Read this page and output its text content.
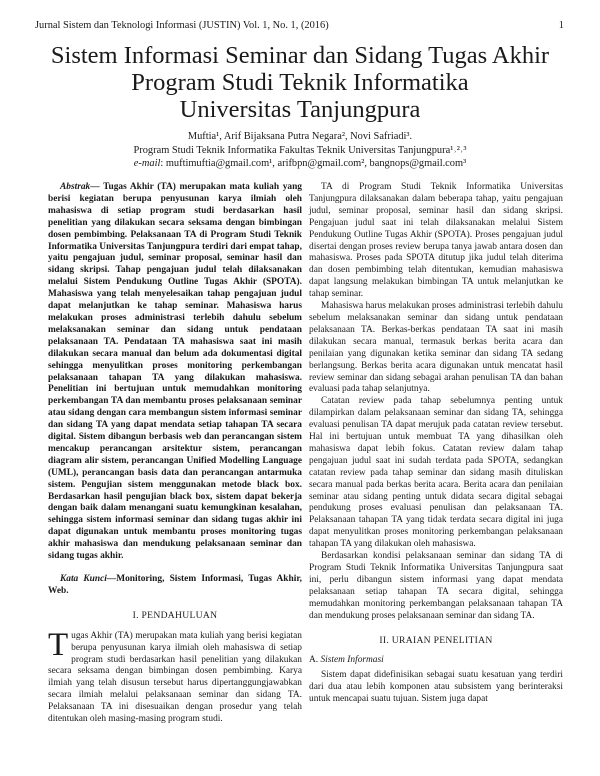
Jurnal Sistem dan Teknologi Informasi (JUSTIN) Vol. 1, No. 1, (2016)	1
Sistem Informasi Seminar dan Sidang Tugas Akhir
Program Studi Teknik Informatika
Universitas Tanjungpura
Muftia¹, Arif Bijaksana Putra Negara², Novi Safriadi³.
Program Studi Teknik Informatika Fakultas Teknik Universitas Tanjungpura¹˒²˒³
e-mail: muftimuftia@gmail.com¹, arifbpn@gmail.com², bangnops@gmail.com³

Abstrak— Tugas Akhir (TA) merupakan mata kuliah yang berisi kegiatan berupa penyusunan karya ilmiah oleh mahasiswa di setiap program studi berdasarkan hasil penelitian yang dilakukan secara seksama dengan bimbingan dosen pembimbing. Pelaksanaan TA di Program Studi Teknik Informatika Universitas Tanjungpura terdiri dari empat tahap, yaitu pengajuan judul, seminar proposal, seminar hasil dan sidang skripsi. Tahap pengajuan judul telah dilaksanakan melalui Sistem Pendukung Outline Tugas Akhir (SPOTA). Mahasiswa yang telah menyelesaikan tahap pengajuan judul dapat melanjutkan ke tahap seminar. Mahasiswa harus melakukan proses administrasi terlebih dahulu sebelum melaksanakan seminar dan sidang untuk pendataan pelaksanaan TA. Pendataan TA mahasiswa saat ini masih dilakukan secara manual dan belum ada dokumentasi digital sehingga menyulitkan proses monitoring perkembangan pelaksanaan tahapan TA yang dilakukan mahasiswa. Penelitian ini bertujuan untuk memudahkan monitoring perkembangan TA dan membantu proses pelaksanaan seminar atau sidang dengan cara membangun sistem informasi seminar dan sidang TA yang dapat mendata setiap tahapan TA secara digital. Sistem dibangun berbasis web dan perancangan sistem mencakup perancangan arsitektur sistem, perancangan diagram alir sistem, perancangan Unified Modelling Language (UML), perancangan basis data dan perancangan antarmuka sistem. Pengujian sistem menggunakan metode black box. Berdasarkan hasil pengujian black box, sistem dapat bekerja dengan baik dalam menangani suatu kemungkinan kesalahan, sehingga sistem informasi seminar dan sidang tugas akhir ini dapat digunakan untuk membantu proses monitoring tugas akhir mahasiswa dan mendukung pelaksanaan seminar dan sidang tugas akhir.

Kata Kunci—Monitoring, Sistem Informasi, Tugas Akhir, Web.

I. PENDAHULUAN

Tugas Akhir (TA) merupakan mata kuliah yang berisi kegiatan berupa penyusunan karya ilmiah oleh mahasiswa di setiap program studi berdasarkan hasil penelitian yang dilakukan secara seksama dengan bimbingan dosen pembimbing. Karya ilmiah yang telah disusun tersebut harus dipertanggungjawabkan secara ilmiah melalui pelaksanaan seminar dan sidang TA. Pelaksanaan TA ini disesuaikan dengan prosedur yang telah ditentukan oleh masing-masing program studi.

TA di Program Studi Teknik Informatika Universitas Tanjungpura dilaksanakan dalam beberapa tahap, yaitu pengajuan judul, seminar proposal, seminar hasil dan sidang skripsi. Pengajuan judul saat ini telah dilaksanakan melalui Sistem Pendukung Outline Tugas Akhir (SPOTA). Proses pengajuan judul disertai dengan proses review berupa tanya jawab antara dosen dan mahasiswa. Proses pada SPOTA ditutup jika judul telah diterima dan dosen pembimbing telah ditentukan, kemudian mahasiswa dapat langsung melakukan bimbingan TA untuk melanjutkan ke tahap seminar.

Mahasiswa harus melakukan proses administrasi terlebih dahulu sebelum melaksanakan seminar dan sidang untuk pendataan pelaksanaan TA. Berkas-berkas pendataan TA saat ini masih dilakukan secara manual, termasuk berkas berita acara dan penilaian yang digunakan ketika seminar dan sidang TA sedang berlangsung. Berkas berita acara digunakan untuk mencatat hasil review seminar dan sidang sebagai arahan penulisan TA dan bahan evaluasi pada tahap selanjutnya.

Catatan review pada tahap sebelumnya penting untuk dilampirkan dalam pelaksanaan seminar dan sidang TA, sehingga evaluasi penulisan TA dapat merujuk pada catatan review tersebut. Hal ini bertujuan untuk membuat TA yang dihasilkan oleh mahasiswa dapat lebih fokus. Catatan review dalam tahap pengajuan judul saat ini sudah terdata pada SPOTA, sedangkan catatan review pada tahap seminar dan sidang masih dituliskan secara manual pada berkas berita acara. Berita acara dan penilaian seminar atau sidang penting untuk didata secara digital sebagai pendukung proses evaluasi penulisan dan pelaksanaan TA. Pelaksanaan tahapan TA yang tidak terdata secara digital ini juga dapat menyulitkan proses monitoring perkembangan pelaksanaan tahapan TA yang dilakukan oleh mahasiswa.

Berdasarkan kondisi pelaksanaan seminar dan sidang TA di Program Studi Teknik Informatika Universitas Tanjungpura saat ini, perlu dibangun sistem informasi yang dapat mendata pelaksanaan setiap tahapan TA secara digital, sehingga memudahkan monitoring perkembangan pelaksanaan tahapan TA dan mendukung proses pelaksanaan seminar dan sidang TA.

II. URAIAN PENELITIAN
A. Sistem Informasi

Sistem dapat didefinisikan sebagai suatu kesatuan yang terdiri dari dua atau lebih komponen atau subsistem yang berinteraksi untuk mencapai suatu tujuan. Sistem juga dapat
